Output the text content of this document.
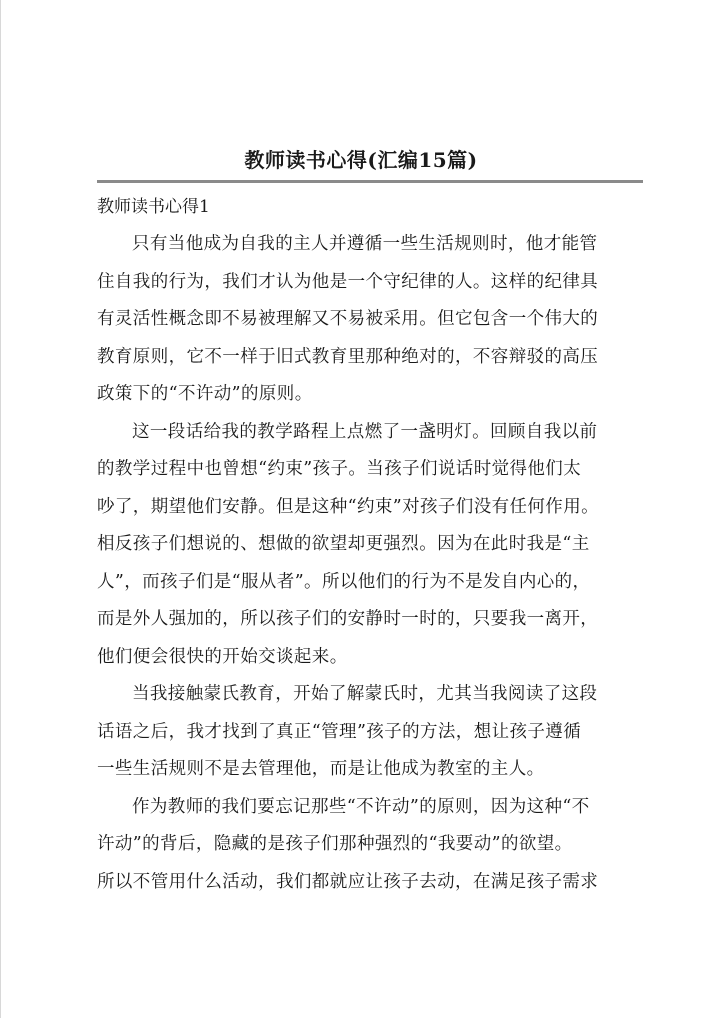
教师读书心得(汇编15篇)
教师读书心得1

只有当他成为自我的主人并遵循一些生活规则时，他才能管
住自我的行为，我们才认为他是一个守纪律的人。这样的纪律具
有灵活性概念即不易被理解又不易被采用。但它包含一个伟大的
教育原则，它不一样于旧式教育里那种绝对的，不容辩驳的高压
政策下的“不许动”的原则。

这一段话给我的教学路程上点燃了一盏明灯。回顾自我以前
的教学过程中也曾想“约束”孩子。当孩子们说话时觉得他们太
吵了，期望他们安静。但是这种“约束”对孩子们没有任何作用。
相反孩子们想说的、想做的欲望却更强烈。因为在此时我是“主
人”，而孩子们是“服从者”。所以他们的行为不是发自内心的，
而是外人强加的，所以孩子们的安静时一时的，只要我一离开，
他们便会很快的开始交谈起来。

当我接触蒙氏教育，开始了解蒙氏时，尤其当我阅读了这段
话语之后，我才找到了真正“管理”孩子的方法，想让孩子遵循
一些生活规则不是去管理他，而是让他成为教室的主人。

作为教师的我们要忘记那些“不许动”的原则，因为这种“不
许动”的背后，隐藏的是孩子们那种强烈的“我要动”的欲望。
所以不管用什么活动，我们都就应让孩子去动，在满足孩子需求
